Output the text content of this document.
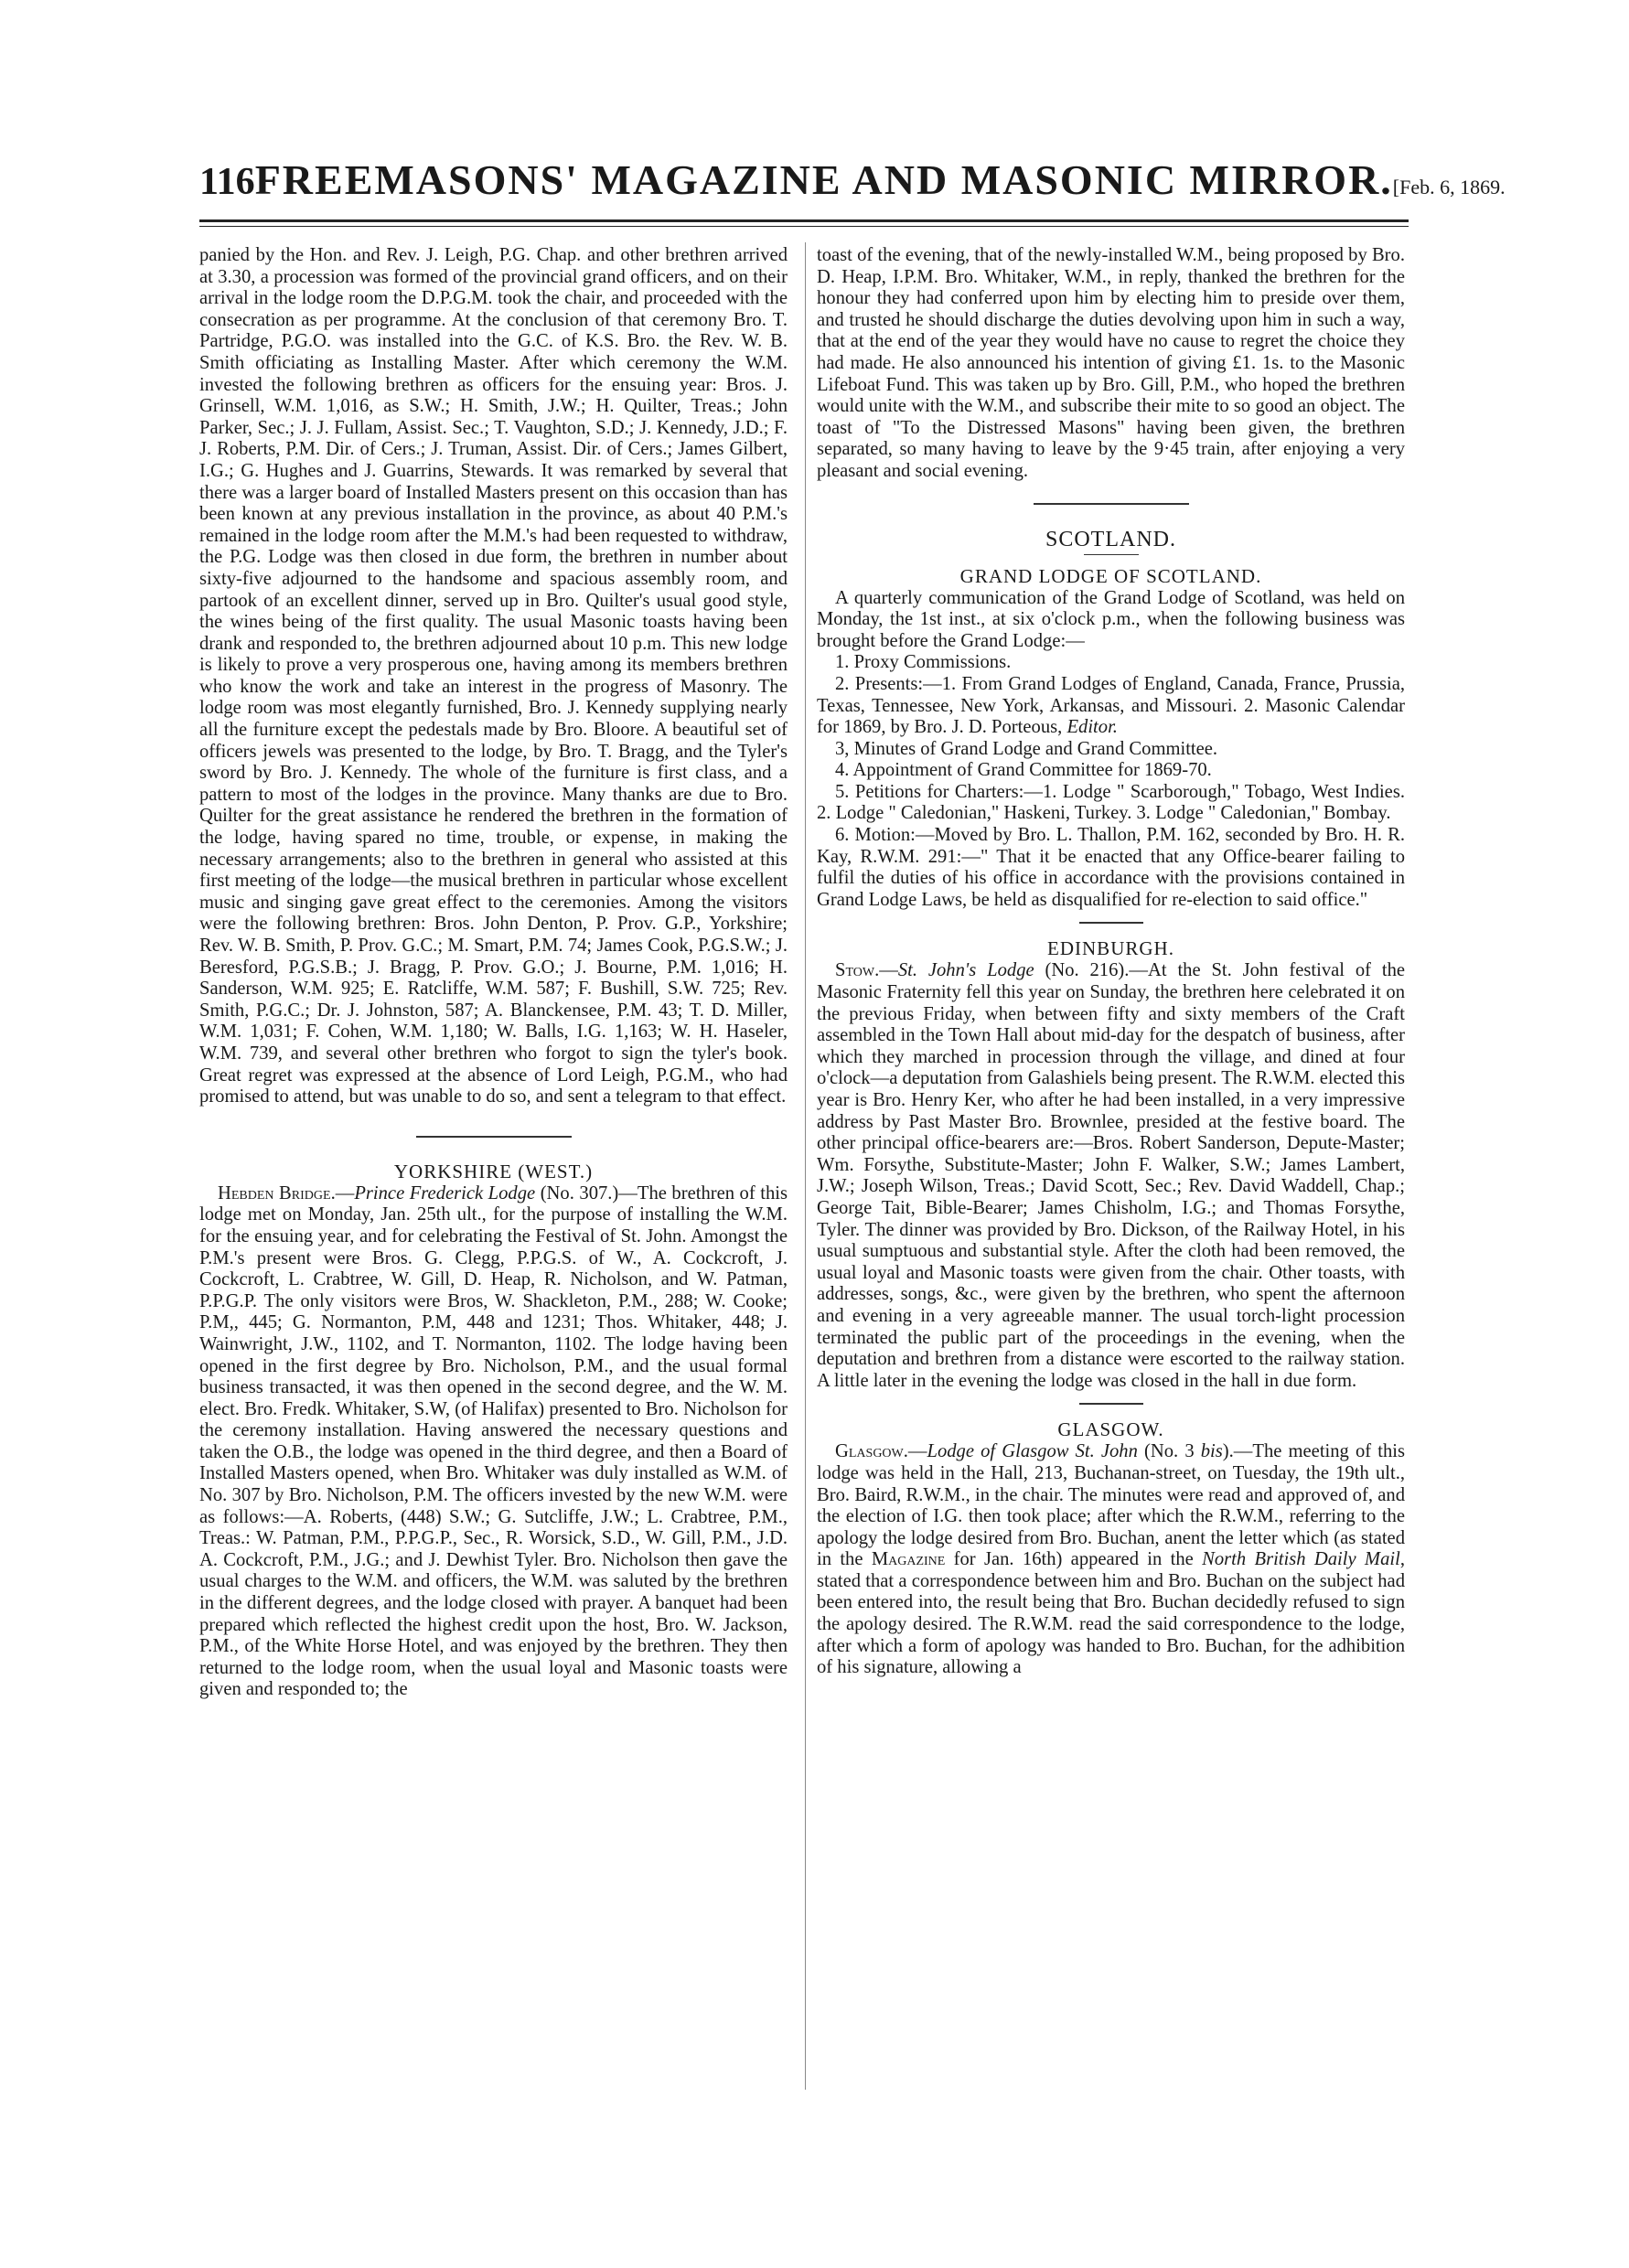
116 FREEMASONS' MAGAZINE AND MASONIC MIRROR. [Feb. 6, 1869.

panied by the Hon. and Rev. J. Leigh, P.G. Chap. and other brethren arrived at 3.30, a procession was formed of the provincial grand officers, and on their arrival in the lodge room the D.P.G.M. took the chair, and proceeded with the consecration as per programme. At the conclusion of that ceremony Bro. T. Partridge, P.G.O. was installed into the G.C. of K.S. Bro. the Rev. W. B. Smith officiating as Installing Master. After which ceremony the W.M. invested the following brethren as officers for the ensuing year: Bros. J. Grinsell, W.M. 1,016, as S.W.; H. Smith, J.W.; H. Quilter, Treas.; John Parker, Sec.; J. J. Fullam, Assist. Sec.; T. Vaughton, S.D.; J. Kennedy, J.D.; F. J. Roberts, P.M. Dir. of Cers.; J. Truman, Assist. Dir. of Cers.; James Gilbert, I.G.; G. Hughes and J. Guarrins, Stewards. It was remarked by several that there was a larger board of Installed Masters present on this occasion than has been known at any previous installation in the province, as about 40 P.M.'s remained in the lodge room after the M.M.'s had been requested to withdraw, the P.G. Lodge was then closed in due form, the brethren in number about sixty-five adjourned to the handsome and spacious assembly room, and partook of an excellent dinner, served up in Bro. Quilter's usual good style, the wines being of the first quality. The usual Masonic toasts having been drank and responded to, the brethren adjourned about 10 p.m. This new lodge is likely to prove a very prosperous one, having among its members brethren who know the work and take an interest in the progress of Masonry. The lodge room was most elegantly furnished, Bro. J. Kennedy supplying nearly all the furniture except the pedestals made by Bro. Bloore. A beautiful set of officers jewels was presented to the lodge, by Bro. T. Bragg, and the Tyler's sword by Bro. J. Kennedy. The whole of the furniture is first class, and a pattern to most of the lodges in the province. Many thanks are due to Bro. Quilter for the great assistance he rendered the brethren in the formation of the lodge, having spared no time, trouble, or expense, in making the necessary arrangements; also to the brethren in general who assisted at this first meeting of the lodge—the musical brethren in particular whose excellent music and singing gave great effect to the ceremonies. Among the visitors were the following brethren: Bros. John Denton, P. Prov. G.P., Yorkshire; Rev. W. B. Smith, P. Prov. G.C.; M. Smart, P.M. 74; James Cook, P.G.S.W.; J. Beresford, P.G.S.B.; J. Bragg, P. Prov. G.O.; J. Bourne, P.M. 1,016; H. Sanderson, W.M. 925; E. Ratcliffe, W.M. 587; F. Bushill, S.W. 725; Rev. Smith, P.G.C.; Dr. J. Johnston, 587; A. Blanckensee, P.M. 43; T. D. Miller, W.M. 1,031; F. Cohen, W.M. 1,180; W. Balls, I.G. 1,163; W. H. Haseler, W.M. 739, and several other brethren who forgot to sign the tyler's book. Great regret was expressed at the absence of Lord Leigh, P.G.M., who had promised to attend, but was unable to do so, and sent a telegram to that effect.

YORKSHIRE (WEST.)

Hebden Bridge.—Prince Frederick Lodge (No. 307.)—The brethren of this lodge met on Monday, Jan. 25th ult., for the purpose of installing the W.M. for the ensuing year, and for celebrating the Festival of St. John. Amongst the P.M.'s present were Bros. G. Clegg, P.P.G.S. of W., A. Cockcroft, J. Cockcroft, L. Crabtree, W. Gill, D. Heap, R. Nicholson, and W. Patman, P.P.G.P. The only visitors were Bros, W. Shackleton, P.M., 288; W. Cooke; P.M,, 445; G. Normanton, P.M, 448 and 1231; Thos. Whitaker, 448; J. Wainwright, J.W., 1102, and T. Normanton, 1102. The lodge having been opened in the first degree by Bro. Nicholson, P.M., and the usual formal business transacted, it was then opened in the second degree, and the W. M. elect. Bro. Fredk. Whitaker, S.W, (of Halifax) presented to Bro. Nicholson for the ceremony installation. Having answered the necessary questions and taken the O.B., the lodge was opened in the third degree, and then a Board of Installed Masters opened, when Bro. Whitaker was duly installed as W.M. of No. 307 by Bro. Nicholson, P.M. The officers invested by the new W.M. were as follows:—A. Roberts, (448) S.W.; G. Sutcliffe, J.W.; L. Crabtree, P.M., Treas.: W. Patman, P.M., P.P.G.P., Sec., R. Worsick, S.D., W. Gill, P.M., J.D. A. Cockcroft, P.M., J.G.; and J. Dewhist Tyler. Bro. Nicholson then gave the usual charges to the W.M. and officers, the W.M. was saluted by the brethren in the different degrees, and the lodge closed with prayer. A banquet had been prepared which reflected the highest credit upon the host, Bro. W. Jackson, P.M., of the White Horse Hotel, and was enjoyed by the brethren. They then returned to the lodge room, when the usual loyal and Masonic toasts were given and responded to; the

toast of the evening, that of the newly-installed W.M., being proposed by Bro. D. Heap, I.P.M. Bro. Whitaker, W.M., in reply, thanked the brethren for the honour they had conferred upon him by electing him to preside over them, and trusted he should discharge the duties devolving upon him in such a way, that at the end of the year they would have no cause to regret the choice they had made. He also announced his intention of giving £1. 1s. to the Masonic Lifeboat Fund. This was taken up by Bro. Gill, P.M., who hoped the brethren would unite with the W.M., and subscribe their mite to so good an object. The toast of "To the Distressed Masons" having been given, the brethren separated, so many having to leave by the 9·45 train, after enjoying a very pleasant and social evening.

SCOTLAND.
GRAND LODGE OF SCOTLAND.

A quarterly communication of the Grand Lodge of Scotland, was held on Monday, the 1st inst., at six o'clock p.m., when the following business was brought before the Grand Lodge:—

1. Proxy Commissions.

2. Presents:—1. From Grand Lodges of England, Canada, France, Prussia, Texas, Tennessee, New York, Arkansas, and Missouri. 2. Masonic Calendar for 1869, by Bro. J. D. Porteous, Editor.

3, Minutes of Grand Lodge and Grand Committee.

4. Appointment of Grand Committee for 1869-70.

5. Petitions for Charters:—1. Lodge " Scarborough," Tobago, West Indies. 2. Lodge " Caledonian," Haskeni, Turkey. 3. Lodge " Caledonian," Bombay.

6. Motion:—Moved by Bro. L. Thallon, P.M. 162, seconded by Bro. H. R. Kay, R.W.M. 291:—" That it be enacted that any Office-bearer failing to fulfil the duties of his office in accordance with the provisions contained in Grand Lodge Laws, be held as disqualified for re-election to said office."

EDINBURGH.

Stow.—St. John's Lodge (No. 216).—At the St. John festival of the Masonic Fraternity fell this year on Sunday, the brethren here celebrated it on the previous Friday, when between fifty and sixty members of the Craft assembled in the Town Hall about mid-day for the despatch of business, after which they marched in procession through the village, and dined at four o'clock—a deputation from Galashiels being present. The R.W.M. elected this year is Bro. Henry Ker, who after he had been installed, in a very impressive address by Past Master Bro. Brownlee, presided at the festive board. The other principal office-bearers are:—Bros. Robert Sanderson, Depute-Master; Wm. Forsythe, Substitute-Master; John F. Walker, S.W.; James Lambert, J.W.; Joseph Wilson, Treas.; David Scott, Sec.; Rev. David Waddell, Chap.; George Tait, Bible-Bearer; James Chisholm, I.G.; and Thomas Forsythe, Tyler. The dinner was provided by Bro. Dickson, of the Railway Hotel, in his usual sumptuous and substantial style. After the cloth had been removed, the usual loyal and Masonic toasts were given from the chair. Other toasts, with addresses, songs, &c., were given by the brethren, who spent the afternoon and evening in a very agreeable manner. The usual torch-light procession terminated the public part of the proceedings in the evening, when the deputation and brethren from a distance were escorted to the railway station. A little later in the evening the lodge was closed in the hall in due form.

GLASGOW.

Glasgow.—Lodge of Glasgow St. John (No. 3 bis).—The meeting of this lodge was held in the Hall, 213, Buchanan-street, on Tuesday, the 19th ult., Bro. Baird, R.W.M., in the chair. The minutes were read and approved of, and the election of I.G. then took place; after which the R.W.M., referring to the apology the lodge desired from Bro. Buchan, anent the letter which (as stated in the Magazine for Jan. 16th) appeared in the North British Daily Mail, stated that a correspondence between him and Bro. Buchan on the subject had been entered into, the result being that Bro. Buchan decidedly refused to sign the apology desired. The R.W.M. read the said correspondence to the lodge, after which a form of apology was handed to Bro. Buchan, for the adhibition of his signature, allowing a
